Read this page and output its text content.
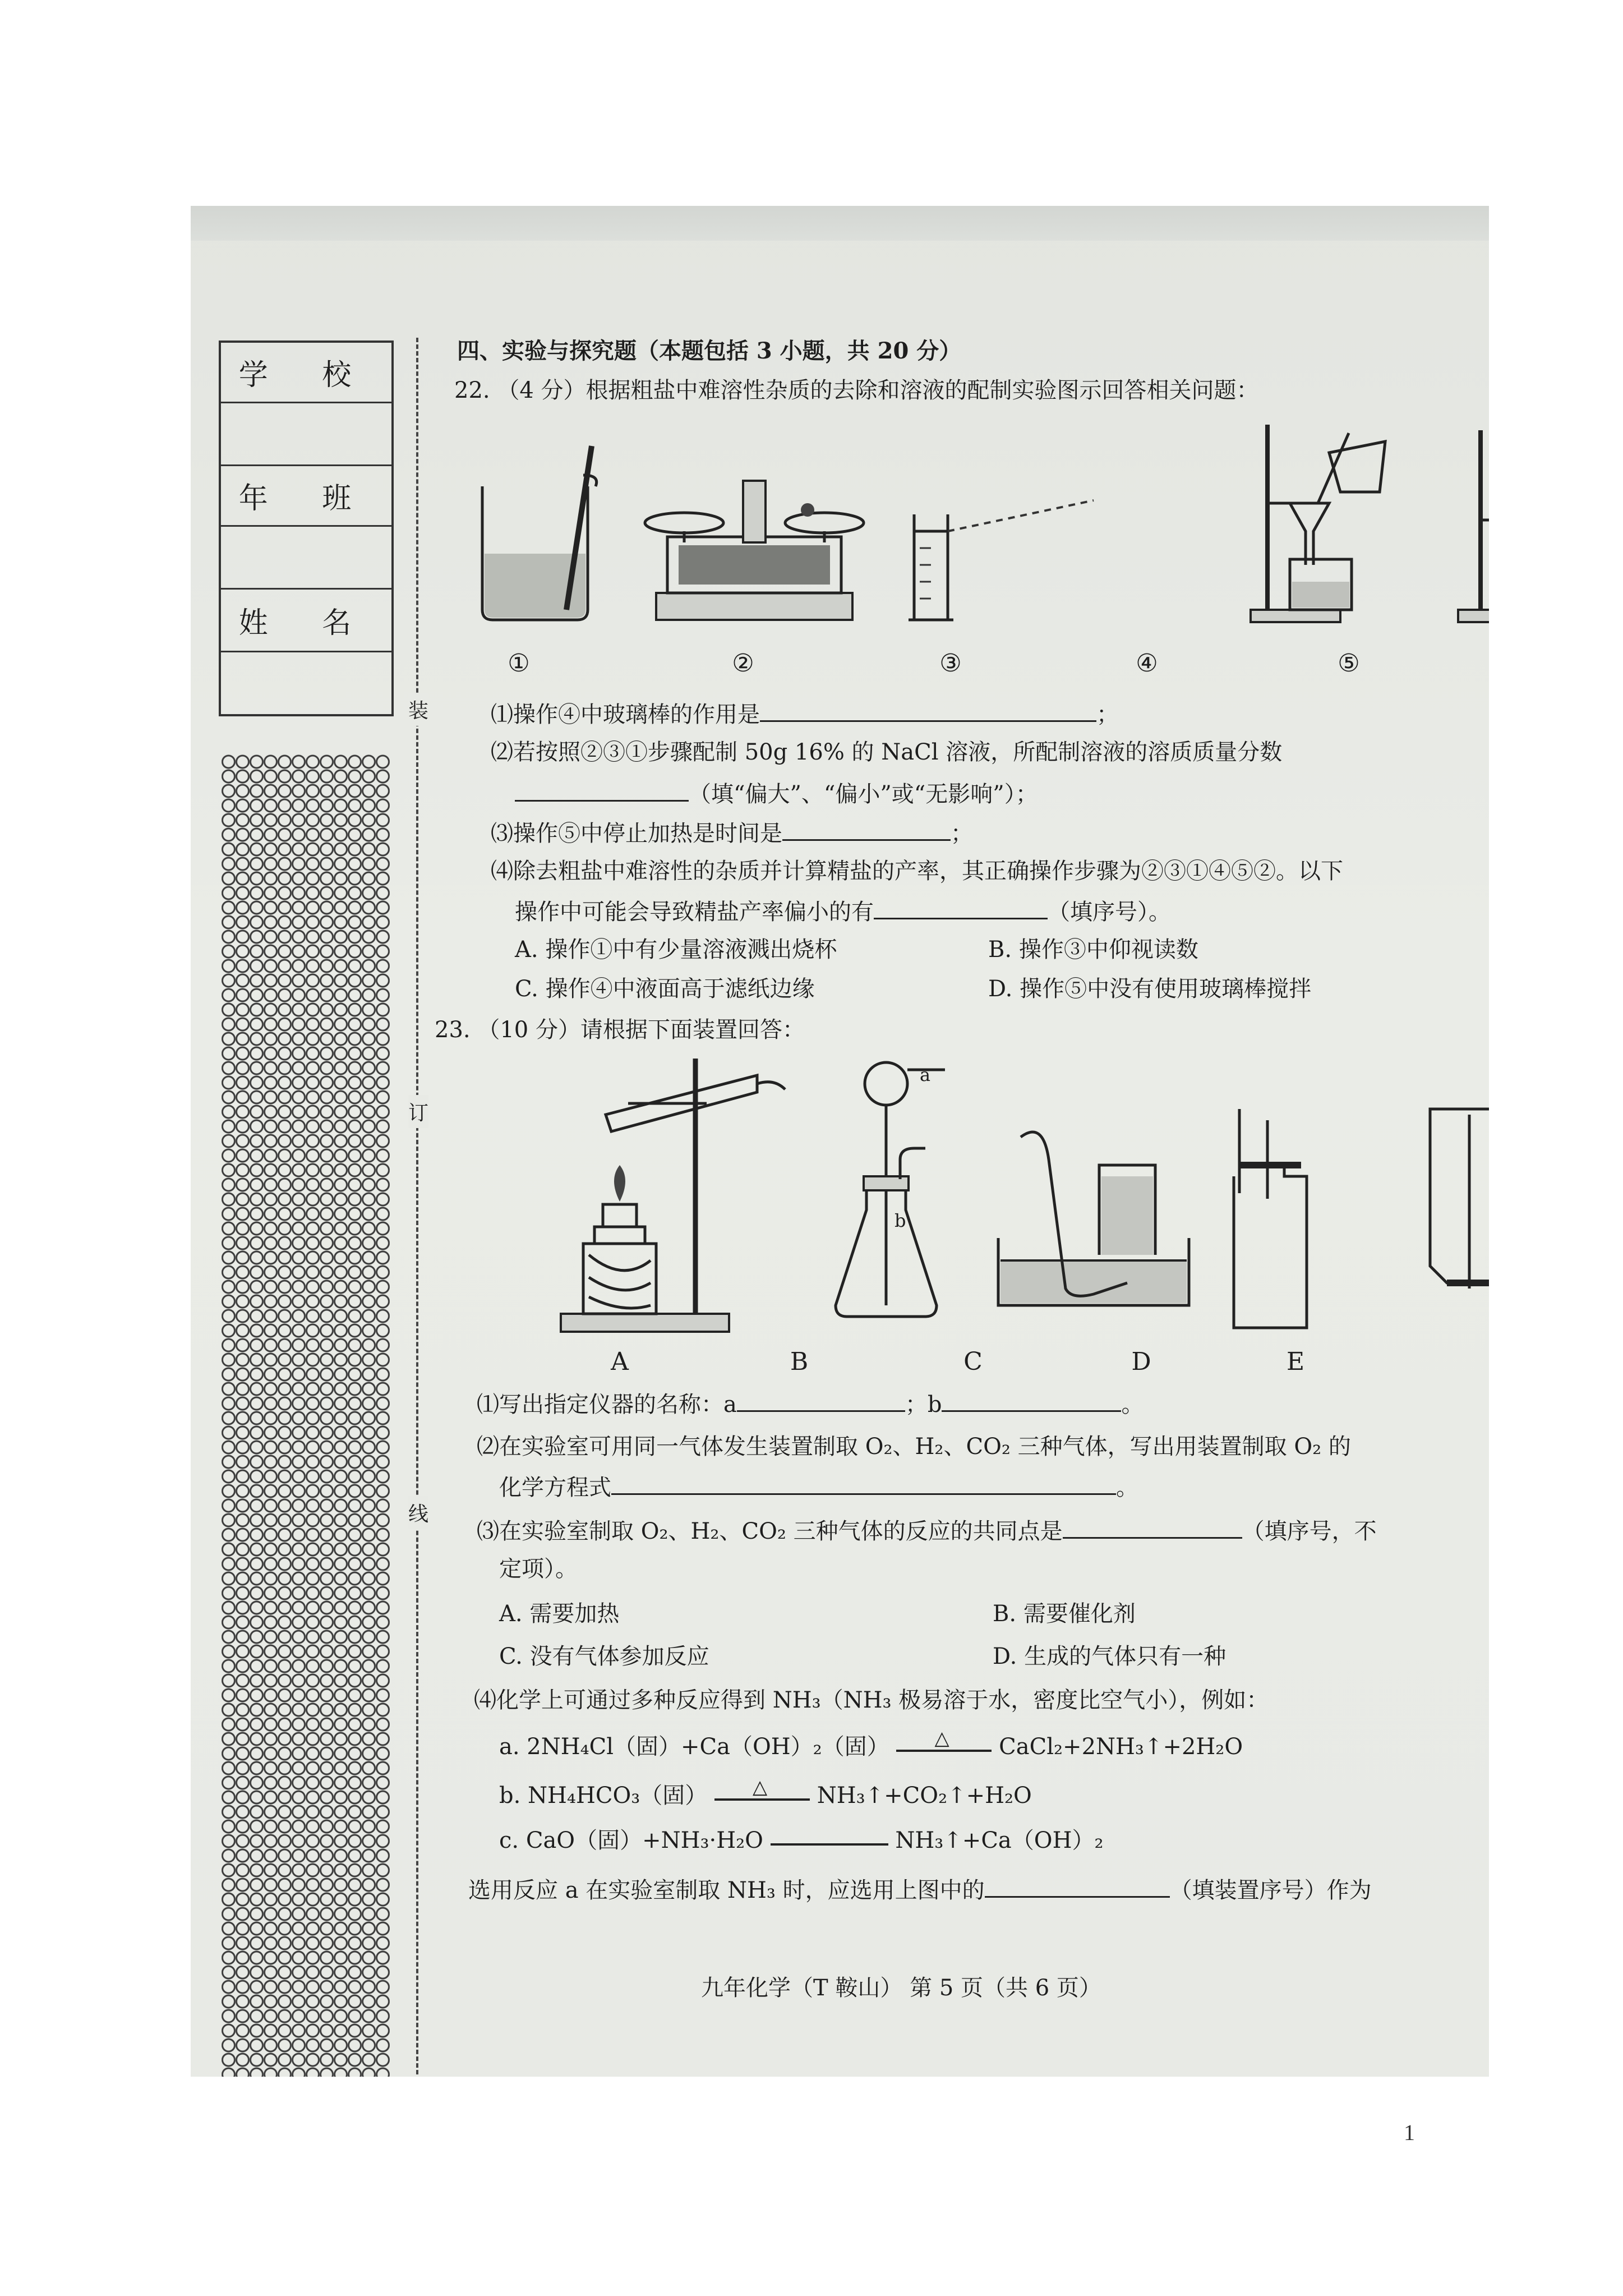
学 校
年 班
姓 名
装
订
线
四、实验与探究题（本题包括 3 小题，共 20 分）
22. （4 分）根据粗盐中难溶性杂质的去除和溶液的配制实验图示回答相关问题：
①	②	③	④	⑤
⑴操作④中玻璃棒的作用是	；
⑵若按照②③①步骤配制 50g 16% 的 NaCl 溶液，所配制溶液的溶质质量分数
（填“偏大”、“偏小”或“无影响”）；
⑶操作⑤中停止加热是时间是	；
⑷除去粗盐中难溶性的杂质并计算精盐的产率，其正确操作步骤为②③①④⑤②。以下
操作中可能会导致精盐产率偏小的有	（填序号）。
A. 操作①中有少量溶液溅出烧杯	B. 操作③中仰视读数
C. 操作④中液面高于滤纸边缘	D. 操作⑤中没有使用玻璃棒搅拌
23. （10 分）请根据下面装置回答：
a
b
A	B	C	D	E
⑴写出指定仪器的名称：a	；b	。
⑵在实验室可用同一气体发生装置制取 O₂、H₂、CO₂ 三种气体，写出用装置制取 O₂ 的
化学方程式	。
⑶在实验室制取 O₂、H₂、CO₂ 三种气体的反应的共同点是	（填序号，不
定项）。
A. 需要加热	B. 需要催化剂
C. 没有气体参加反应	D. 生成的气体只有一种
⑷化学上可通过多种反应得到 NH₃（NH₃ 极易溶于水，密度比空气小），例如：
a. 2NH₄Cl（固）+Ca（OH）₂（固） △ CaCl₂+2NH₃↑+2H₂O
b. NH₄HCO₃（固） △ NH₃↑+CO₂↑+H₂O
c. CaO（固）+NH₃·H₂O	NH₃↑+Ca（OH）₂
选用反应 a 在实验室制取 NH₃ 时，应选用上图中的	（填装置序号）作为
九年化学（T 鞍山） 第 5 页（共 6 页）
1
